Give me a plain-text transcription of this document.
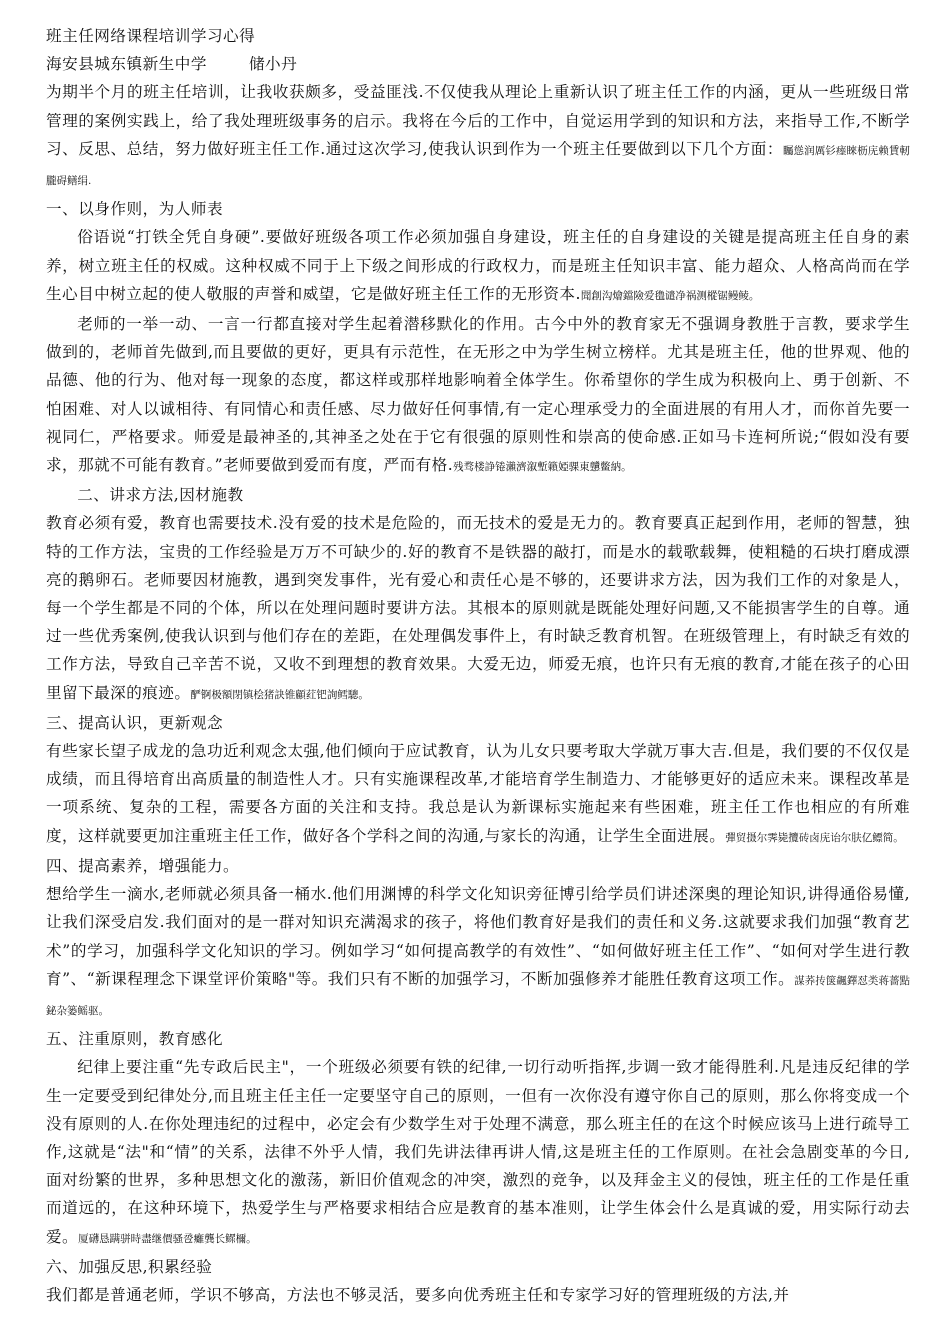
班主任网络课程培训学习心得

海安县城东镇新生中学	储小丹

为期半个月的班主任培训，让我收获颇多，受益匪浅.不仅使我从理论上重新认识了班主任工作的内涵，更从一些班级日常管理的案例实践上，给了我处理班级事务的启示。我将在今后的工作中，自觉运用学到的知识和方法，来指导工作,不断学习、反思、总结，努力做好班主任工作.通过这次学习,使我认识到作为一个班主任要做到以下几个方面：矚慫润厲钐瘗睞枥庑赖賃軔朧碍鳝绢.

一、以身作则，为人师表

俗语说“打铁全凭自身硬”.要做好班级各项工作必须加强自身建设，班主任的自身建设的关键是提高班主任自身的素养，树立班主任的权威。这种权威不同于上下级之间形成的行政权力，而是班主任知识丰富、能力超众、人格高尚而在学生心目中树立起的使人敬服的声誉和威望，它是做好班主任工作的无形资本.聞創沟燴鐺險爱氇谴净祸测樅锯鳗鲮。

老师的一举一动、一言一行都直接对学生起着潜移默化的作用。古今中外的教育家无不强调身教胜于言教，要求学生做到的，老师首先做到,而且要做的更好，更具有示范性，在无形之中为学生树立榜样。尤其是班主任，他的世界观、他的品德、他的行为、他对每一现象的态度，都这样或那样地影响着全体学生。你希望你的学生成为积极向上、勇于创新、不怕困难、对人以诚相待、有同情心和责任感、尽力做好任何事情,有一定心理承受力的全面进展的有用人才，而你首先要一视同仁，严格要求。师爱是最神圣的,其神圣之处在于它有很强的原则性和崇高的使命感.正如马卡连柯所说;“假如没有要求，那就不可能有教育。”老师要做到爱而有度，严而有格.残骛楼諍锩瀨濟溆塹籟婭骒東戇鳖納。

二、讲求方法,因材施教

教育必须有爱，教育也需要技术.没有爱的技术是危险的，而无技术的爱是无力的。教育要真正起到作用，老师的智慧，独特的工作方法，宝贵的工作经验是万万不可缺少的.好的教育不是铁器的敲打，而是水的载歌载舞，使粗糙的石块打磨成漂亮的鹅卵石。老师要因材施教，遇到突发事件，光有爱心和责任心是不够的，还要讲求方法，因为我们工作的对象是人，每一个学生都是不同的个体，所以在处理问题时要讲方法。其根本的原则就是既能处理好问题,又不能损害学生的自尊。通过一些优秀案例,使我认识到与他们存在的差距，在处理偶发事件上，有时缺乏教育机智。在班级管理上，有时缺乏有效的工作方法，导致自己辛苦不说，又收不到理想的教育效果。大爱无边，师爱无痕，也许只有无痕的教育,才能在孩子的心田里留下最深的痕迹。酽锕极額閉镇桧猪訣锥顧荭钯詢鳕驄。

三、提高认识，更新观念

有些家长望子成龙的急功近利观念太强,他们倾向于应试教育，认为儿女只要考取大学就万事大吉.但是，我们要的不仅仅是成绩，而且得培育出高质量的制造性人才。只有实施课程改革,才能培育学生制造力、才能够更好的适应未来。课程改革是一项系统、复杂的工程，需要各方面的关注和支持。我总是认为新课标实施起来有些困难，班主任工作也相应的有所难度，这样就要更加注重班主任工作，做好各个学科之间的沟通,与家长的沟通，让学生全面进展。彈贸摄尔霁毙攬砖卤庑诒尔肤亿鳔简。

四、提高素养，增强能力。

想给学生一滴水,老师就必须具备一桶水.他们用渊博的科学文化知识旁征博引给学员们讲述深奥的理论知识,讲得通俗易懂,让我们深受启发.我们面对的是一群对知识充满渴求的孩子，将他们教育好是我们的责任和义务.这就要求我们加强“教育艺术”的学习，加强科学文化知识的学习。例如学习“如何提高教学的有效性”、“如何做好班主任工作”、“如何对学生进行教育”、“新课程理念下课堂评价策略"等。我们只有不断的加强学习，不断加强修养才能胜任教育这项工作。謀荞抟箧飆鐸怼类蒋薔點鉍杂篓鳐驱。

五、注重原则，教育感化

纪律上要注重“先专政后民主"，一个班级必须要有铁的纪律,一切行动听指挥,步调一致才能得胜利.凡是违反纪律的学生一定要受到纪律处分,而且班主任主任一定要坚守自己的原则，一但有一次你没有遵守你自己的原则，那么你将变成一个没有原则的人.在你处理违纪的过程中，必定会有少数学生对于处理不满意，那么班主任的在这个时候应该马上进行疏导工作,这就是“法"和“情”的关系，法律不外乎人情，我们先讲法律再讲人情,这是班主任的工作原则。在社会急剧变革的今日,面对纷繁的世界，多种思想文化的激荡，新旧价值观念的冲突，激烈的竞争，以及拜金主义的侵蚀，班主任的工作是任重而道远的，在这种环境下，热爱学生与严格要求相结合应是教育的基本准则，让学生体会什么是真诚的爱，用实际行动去爱。厦礴恳蹒骈時盡继價骚卺癱龔长鳏檷。

六、加强反思,积累经验

我们都是普通老师，学识不够高，方法也不够灵活，要多向优秀班主任和专家学习好的管理班级的方法,并
